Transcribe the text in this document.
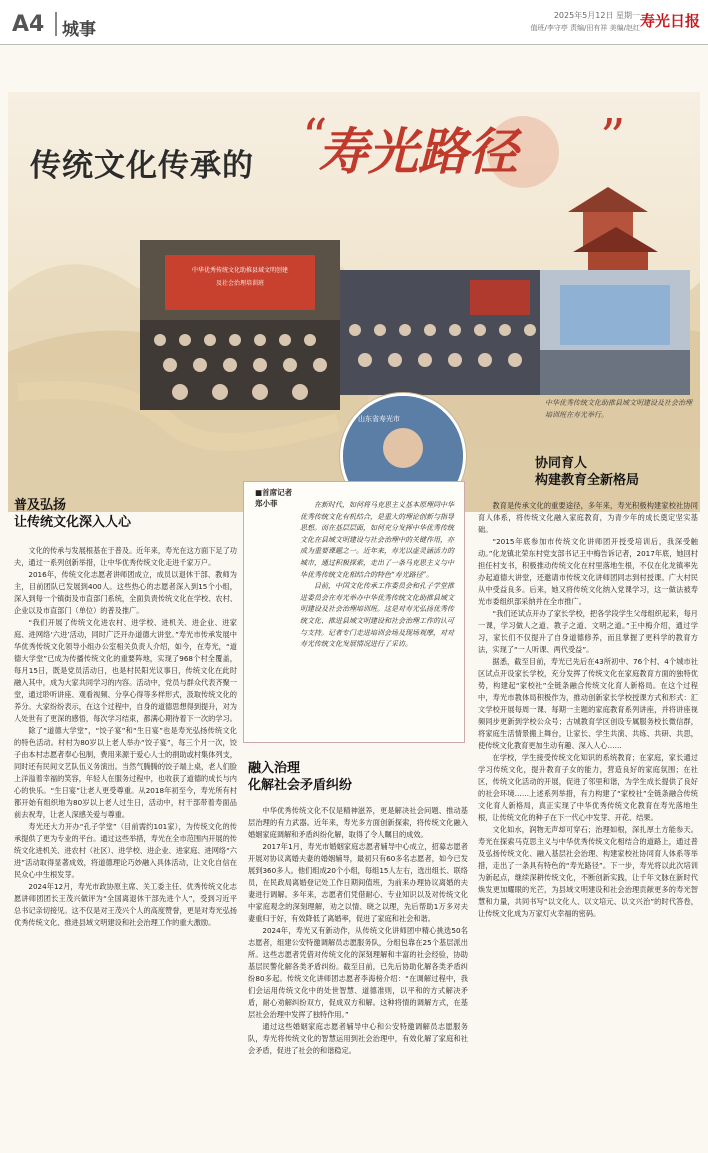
A4 城事
2025年5月12日 星期一
值班/李守亭 责编/田有祥 美编/赵红 寿光日报
传统文化传承的 “
寿光路径 ”
中华优秀传统文化助推县域文明创建
及社会治理培训班
中华优秀传统文化助推县域文明建设及社会治理培训班在寿光举行。
山东省寿光市
■首席记者
郑小菲	在新时代，如何将马克思主义基本原理同中华优秀传统文化有机结合，是重大的理论创新与指导思想。而在基层层面，如何充分发挥中华优秀传统文化在县域文明建设与社会治理中的关键作用，亦成为重要课题之一。近年来，寿光以虚灵涵活力的城市，通过积极探索，走出了一条马克思主义与中华优秀传统文化相结合的特色“寿光路径”。

目前，中国文化传承工作委员会和孔子学堂推进委员会在寿光举办中华优秀传统文化助推县域文明建设及社会治理培训班。这是对寿光弘扬优秀传统文化、推进县域文明建设和社会治理工作的认可与支持。记者专门走进培训会场及现场观摩，对对寿光传统文化发展情况进行了采访。

普及弘扬
让传统文化深入人心

文化的传承与发展根基在于普及。近年来，寿光在这方面下足了功夫，通过一系列创新举措，让中华优秀传统文化走进千家万户。

2016年，传统文化志愿者讲师团成立，成员以退休干部、教师为主，目前团队已发展到400人。这些热心的志愿者深入到15个小组，深入到每一个镇街及市直部门系统，全面负责传统文化在学校、农村、企业以及市直部门（单位）的普及推广。

“我们开展了传统文化进农村、进学校、进机关、进企业、进家庭、进网络‘六进’活动，同时广泛开办道德大讲堂。”寿光市传承发展中华优秀传统文化领导小组办公室相关负责人介绍，如今，在寿光，“道德大学堂”已成为传播传统文化的重要阵地，实现了968个村全覆盖，每月15日，既是党员活动日，也是村民阳光议事日，传统文化在此时融入其中，成为大家共同学习的内容。活动中，党员与群众代表齐聚一堂，通过聆听讲座、观看视频、分享心得等多样形式，汲取传统文化的养分。大家纷纷表示，在这个过程中，自身的道德思想得到提升，对为人处世有了更深的感悟，每次学习结束，都满心期待着下一次的学习。

除了“道德大学堂”，“饺子宴”和“生日宴”也是寿光弘扬传统文化的特色活动。村村为80岁以上老人举办“饺子宴”，每三个月一次，饺子由本村志愿者奉心包制，费用来源于爱心人士的捐助或村集体列支，同时还有民间文艺队伍义务演出。当然气腾腾的饺子端上桌，老人们脸上洋溢着幸福的笑容，年轻人在服务过程中，也收获了道德的成长与内心的快乐。“生日宴”让老人更受尊重。从2018年初至今，寿光所有村都开始有组织地为80岁以上老人过生日，活动中，村干部带着寿面品前去祝寿，让老人深感关爱与尊重。

寿光还大力开办“孔子学堂”（目前需约101家），为传统文化的传承提供了更为专业的平台。通过这些举措，寿光在全市范围内开展的传统文化进机关、进农村（社区）、进学校、进企业、进家庭、进网络“六进”活动取得显著成效，将道德理论巧妙融入具体活动，让文化自信在民众心中生根发芽。

2024年12月，寿光市政协原主席、关工委主任、优秀传统文化志愿讲师团团长王茂兴做评为“全国离退休干部先进个人”，受到习近平总书记亲切接见。这不仅是对王茂兴个人的高度赞誉，更是对寿光弘扬优秀传统文化、推进县域文明建设和社会治理工作的重大激励。

融入治理
化解社会矛盾纠纷

中华优秀传统文化不仅是精神滋养，更是解决社会问题、推动基层治理的有力武器。近年来，寿光多方面创新探索，将传统文化融入婚姻家庭调解和矛盾纠纷化解，取得了令人瞩目的成效。

2017年1月，寿光市婚姻家庭志愿者辅导中心成立，招募志愿者开展对协议离婚夫妻的婚姻辅导，最初只有60多名志愿者，如今已发展到360多人。他们组成20个小组，每组15人左右，选出组长、联络员，在民政局离婚登记处工作日期间值班，为前来办理协议离婚的夫妻进行调解。多年来，志愿者们凭借耐心、专业知识以及对传统文化中家庭观念的深刻理解，劝之以情、晓之以理，先后帮助1万多对夫妻重归于好，有效降低了离婚率，促进了家庭和社会和谐。

2024年，寿光又有新动作，从传统文化讲师团中精心挑选50名志愿者，组建公安特邀调解员志愿服务队，分组包靠在25个基层派出所。这些志愿者凭借对传统文化的深刻理解和丰富的社会经验，协助基层民警化解各类矛盾纠纷。截至目前，已先后协助化解各类矛盾纠纷80多起。传统文化讲师团志愿者李海榜介绍：“在调解过程中，我们会运用传统文化中的处世智慧、道德准则，以平和的方式解决矛盾，耐心劝解纠纷双方，促成双方和解。这种将情的调解方式，在基层社会治理中发挥了独特作用。”

通过这些婚姻家庭志愿者辅导中心和公安特邀调解员志愿服务队，寿光将传统文化的智慧运用到社会治理中，有效化解了家庭和社会矛盾，促进了社会的和谐稳定。

协同育人
构建教育全新格局

教育是传承文化的重要途径，多年来，寿光积极构建家校社协同育人体系，将传统文化融入家庭教育，为青少年的成长奠定坚实基础。

“2015年底参加市传统文化讲师团开授受培训后，我深受触动。”化龙镇北荣东村党支部书记王中梅告诉记者，2017年底，她回村担任村支书，积极推动传统文化在村里落地生根，不仅在化龙镇率先办起道德大讲堂，还邀请市传统文化讲师团同志到村授课。广大村民从中受益良多。后来，她又将传统文化纳入党课学习，这一做法被寿光市委组织部采纳并在全市推广。

“我们还试点开办了家长学校，把各学段学生父母组织起来，每月一课，学习做人之道、教子之道、文明之道。”王中梅介绍，通过学习，家长们不仅提升了自身道德修养，而且掌握了更科学的教育方法，实现了“一人听课、两代受益”。

据悉，截至目前，寿光已先后在43所初中、76个村、4个城市社区试点开设家长学校，充分发挥了传统文化在家庭教育方面的独特优势，构建起“家校社”全链条融合传统文化育人新格局。在这个过程中，寿光市教体局积极作为，推动创新家长学校授课方式和形式：汇文学校开展每周一课、每期一主题的家庭教育系列讲座，并将讲座视频同步更新到学校公众号；古城教育学区创设专属服务校长微信群，将家庭生活情景搬上舞台，让家长、学生共演、共练、共研、共思，使传统文化教育更加生动有趣、深入人心……

在学校，学生接受传统文化知识的系统教育；在家庭，家长通过学习传统文化，提升教育子女的能力，营造良好的家庭氛围；在社区，传统文化活动的开展，促进了邻里和谐，为学生成长提供了良好的社会环境……上述系列举措，有力构建了“家校社”全链条融合传统文化育人新格局，真正实现了中华优秀传统文化教育在寿光落地生根，让传统文化的种子在下一代心中发芽、开花、结果。

文化如水，润物无声却可穿石；治理如根，深扎厚土方能参天。寿光在探索马克思主义与中华优秀传统文化相结合的道路上，通过普及弘扬传统文化、融入基层社会治理、构建家校社协同育人体系等举措，走出了一条具有特色的“寿光路径”。下一步，寿光将以此次培训为新起点，继续深耕传统文化，不断创新实践，让千年文脉在新时代焕发更加耀眼的光芒，为县域文明建设和社会治理贡献更多的寿光智慧和力量，共同书写“以文化人、以文培元、以文兴治”的时代答卷，让传统文化成为万家灯火幸福的密码。
